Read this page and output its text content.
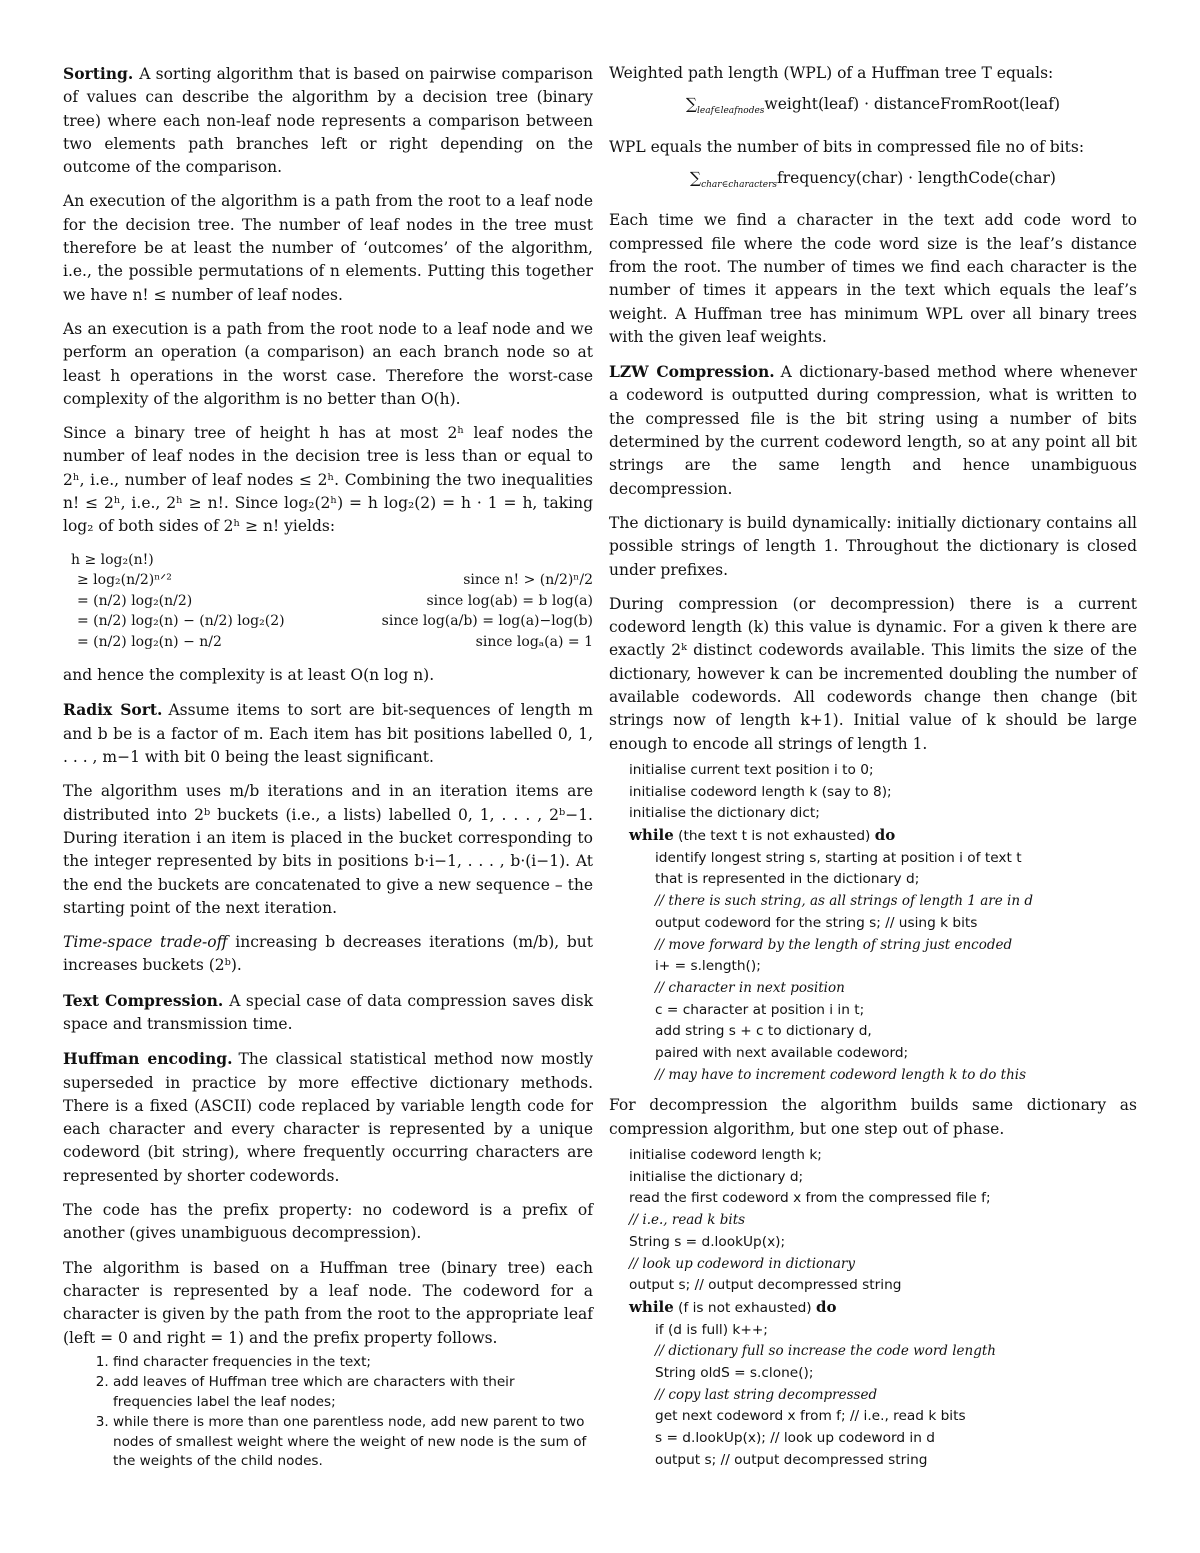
Sorting. A sorting algorithm that is based on pairwise comparison of values can describe the algorithm by a decision tree (binary tree) where each non-leaf node represents a comparison between two elements path branches left or right depending on the outcome of the comparison.

An execution of the algorithm is a path from the root to a leaf node for the decision tree. The number of leaf nodes in the tree must therefore be at least the number of ‘outcomes’ of the algorithm, i.e., the possible permutations of n elements. Putting this together we have n! ≤ number of leaf nodes.

As an execution is a path from the root node to a leaf node and we perform an operation (a comparison) an each branch node so at least h operations in the worst case. Therefore the worst-case complexity of the algorithm is no better than O(h).

Since a binary tree of height h has at most 2ʰ leaf nodes the number of leaf nodes in the decision tree is less than or equal to 2ʰ, i.e., number of leaf nodes ≤ 2ʰ. Combining the two inequalities n! ≤ 2ʰ, i.e., 2ʰ ≥ n!. Since log₂(2ʰ) = h log₂(2) = h · 1 = h, taking log₂ of both sides of 2ʰ ≥ n! yields:

h ≥ log₂(n!)
≥ log₂(n/2)ⁿᐟ²	since n! > (n/2)ⁿ/2
= (n/2) log₂(n/2)	since log(ab) = b log(a)
= (n/2) log₂(n) − (n/2) log₂(2)	since log(a/b) = log(a)−log(b)
= (n/2) log₂(n) − n/2	since logₐ(a) = 1

and hence the complexity is at least O(n log n).

Radix Sort. Assume items to sort are bit-sequences of length m and b be is a factor of m. Each item has bit positions labelled 0, 1, . . . , m−1 with bit 0 being the least significant.

The algorithm uses m/b iterations and in an iteration items are distributed into 2ᵇ buckets (i.e., a lists) labelled 0, 1, . . . , 2ᵇ−1. During iteration i an item is placed in the bucket corresponding to the integer represented by bits in positions b·i−1, . . . , b·(i−1). At the end the buckets are concatenated to give a new sequence – the starting point of the next iteration.

Time-space trade-off increasing b decreases iterations (m/b), but increases buckets (2ᵇ).

Text Compression. A special case of data compression saves disk space and transmission time.

Huffman encoding. The classical statistical method now mostly superseded in practice by more effective dictionary methods. There is a fixed (ASCII) code replaced by variable length code for each character and every character is represented by a unique codeword (bit string), where frequently occurring characters are represented by shorter codewords.

The code has the prefix property: no codeword is a prefix of another (gives unambiguous decompression).

The algorithm is based on a Huffman tree (binary tree) each character is represented by a leaf node. The codeword for a character is given by the path from the root to the appropriate leaf (left = 0 and right = 1) and the prefix property follows.

1. find character frequencies in the text;
2. add leaves of Huffman tree which are characters with their frequencies label the leaf nodes;
3. while there is more than one parentless node, add new parent to two nodes of smallest weight where the weight of new node is the sum of the weights of the child nodes.

Weighted path length (WPL) of a Huffman tree T equals:

$\sum_{leaf\in leafnodes}weight(leaf)$ · distanceFromRoot(leaf)

WPL equals the number of bits in compressed file no of bits:

$\sum_{char\in characters}frequency(char)$ · lengthCode(char)

Each time we find a character in the text add code word to compressed file where the code word size is the leaf’s distance from the root. The number of times we find each character is the number of times it appears in the text which equals the leaf’s weight. A Huffman tree has minimum WPL over all binary trees with the given leaf weights.

LZW Compression. A dictionary-based method where whenever a codeword is outputted during compression, what is written to the compressed file is the bit string using a number of bits determined by the current codeword length, so at any point all bit strings are the same length and hence unambiguous decompression.

The dictionary is build dynamically: initially dictionary contains all possible strings of length 1. Throughout the dictionary is closed under prefixes.

During compression (or decompression) there is a current codeword length (k) this value is dynamic. For a given k there are exactly 2ᵏ distinct codewords available. This limits the size of the dictionary, however k can be incremented doubling the number of available codewords. All codewords change then change (bit strings now of length k+1). Initial value of k should be large enough to encode all strings of length 1.

initialise current text position i to 0;
initialise codeword length k (say to 8);
initialise the dictionary dict;
while (the text t is not exhausted) do
identify longest string s, starting at position i of text t
that is represented in the dictionary d;
// there is such string, as all strings of length 1 are in d
output codeword for the string s; // using k bits
// move forward by the length of string just encoded
i+ = s.length();
// character in next position
c = character at position i in t;
add string s + c to dictionary d,
paired with next available codeword;
// may have to increment codeword length k to do this

For decompression the algorithm builds same dictionary as compression algorithm, but one step out of phase.

initialise codeword length k;
initialise the dictionary d;
read the first codeword x from the compressed file f;
// i.e., read k bits
String s = d.lookUp(x);
// look up codeword in dictionary
output s; // output decompressed string
while (f is not exhausted) do
if (d is full) k++;
// dictionary full so increase the code word length
String oldS = s.clone();
// copy last string decompressed
get next codeword x from f; // i.e., read k bits
s = d.lookUp(x); // look up codeword in d
output s; // output decompressed string
